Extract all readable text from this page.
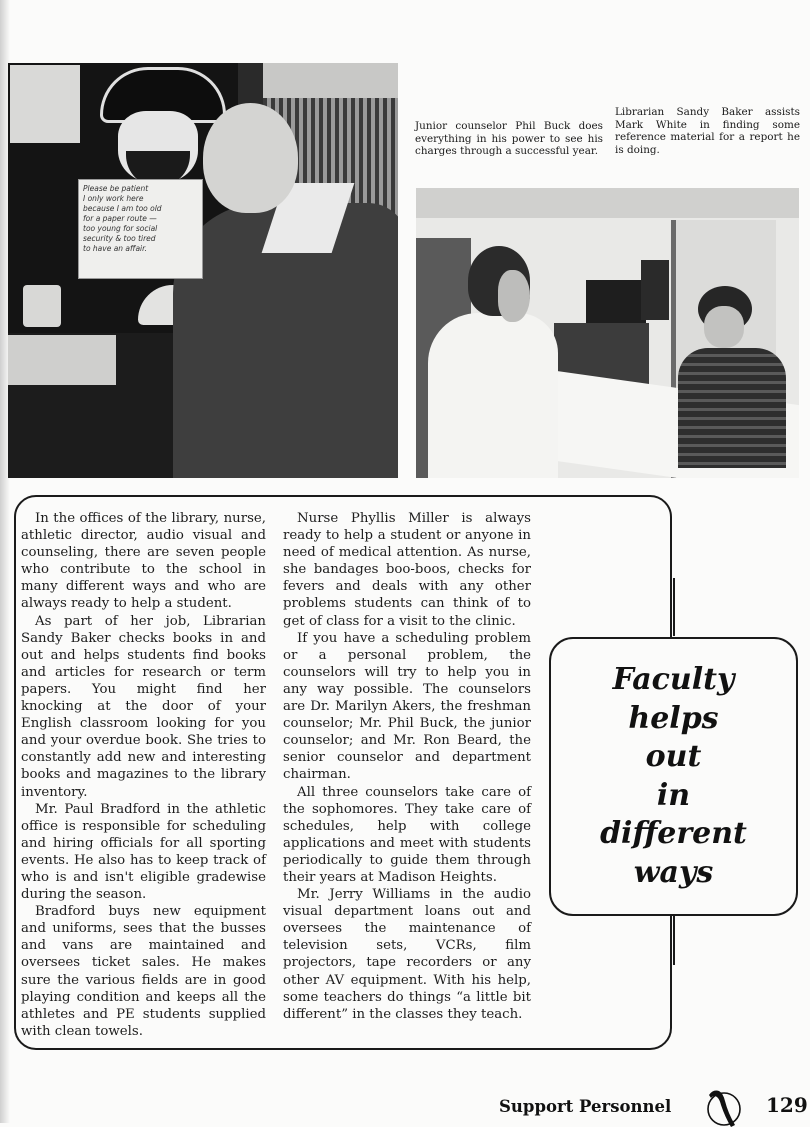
Please be patient
I only work here
because I am too old
for a paper route —
too young for social
security & too tired
to have an affair.
Junior counselor Phil Buck does everything in his power to see his charges through a successful year.
Librarian Sandy Baker assists Mark White in finding some reference material for a report he is doing.

In the offices of the library, nurse, athletic director, audio visual and counseling, there are seven people who contribute to the school in many different ways and who are always ready to help a student.

As part of her job, Librarian Sandy Baker checks books in and out and helps students find books and articles for research or term papers. You might find her knocking at the door of your English classroom looking for you and your overdue book. She tries to constantly add new and interesting books and magazines to the library inventory.

Mr. Paul Bradford in the athletic office is responsible for scheduling and hiring officials for all sporting events. He also has to keep track of who is and isn't eligible gradewise during the season.

Bradford buys new equipment and uniforms, sees that the busses and vans are maintained and oversees ticket sales. He makes sure the various fields are in good playing condition and keeps all the athletes and PE students supplied with clean towels.

Nurse Phyllis Miller is always ready to help a student or anyone in need of medical attention. As nurse, she bandages boo-boos, checks for fevers and deals with any other problems students can think of to get of class for a visit to the clinic.

If you have a scheduling problem or a personal problem, the counselors will try to help you in any way possible. The counselors are Dr. Marilyn Akers, the freshman counselor; Mr. Phil Buck, the junior counselor; and Mr. Ron Beard, the senior counselor and department chairman.

All three counselors take care of the sophomores. They take care of schedules, help with college applications and meet with students periodically to guide them through their years at Madison Heights.

Mr. Jerry Williams in the audio visual department loans out and oversees the maintenance of television sets, VCRs, film projectors, tape recorders or any other AV equipment. With his help, some teachers do things “a little bit different” in the classes they teach.

Faculty
helps
out
in
different
ways
Support Personnel	129
